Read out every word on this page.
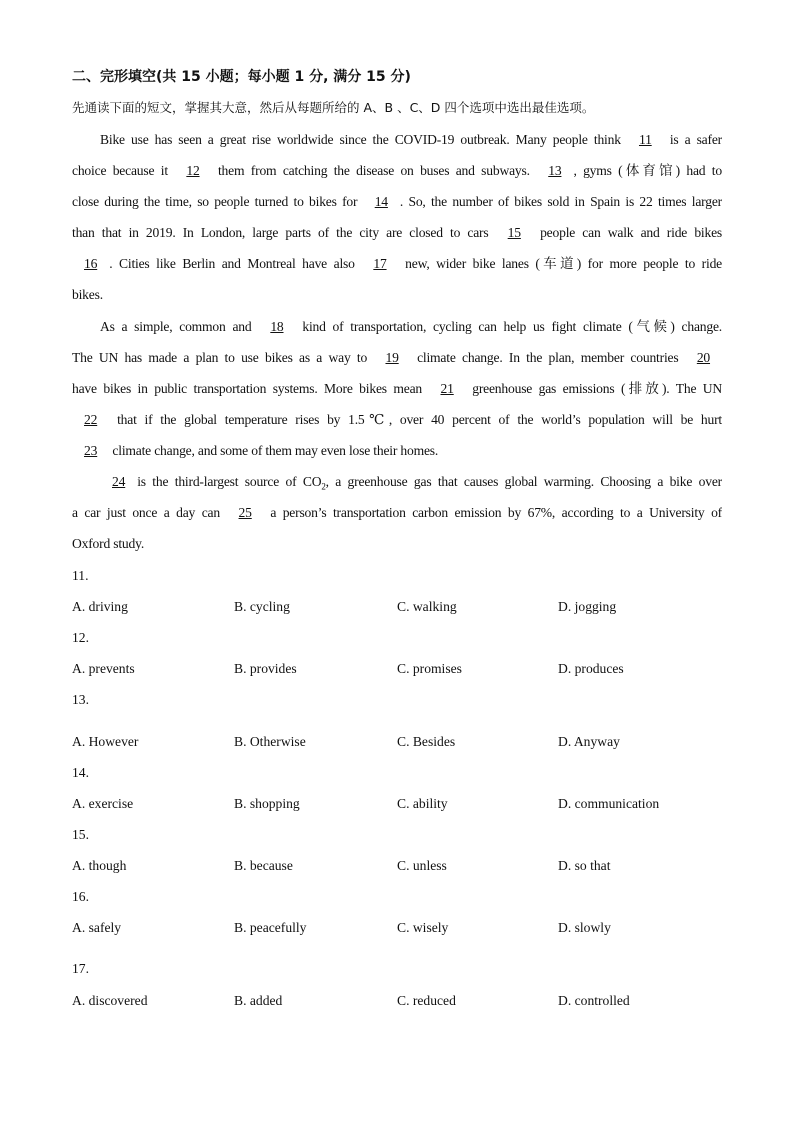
二、完形填空(共 15 小题；每小题 1 分, 满分 15 分)
先通读下面的短文，掌握其大意，然后从每题所给的 A、B 、C、D 四个选项中选出最佳选项。
Bike use has seen a great rise worldwide since the COVID-19 outbreak. Many people think 11 is a safer
choice because it 12 them from catching the disease on buses and subways. 13 , gyms (体育馆) had to
close during the time, so people turned to bikes for 14 . So, the number of bikes sold in Spain is 22 times larger
than that in 2019. In London, large parts of the city are closed to cars 15 people can walk and ride bikes
16 . Cities like Berlin and Montreal have also 17 new, wider bike lanes (车道) for more people to ride
bikes.
As a simple, common and 18 kind of transportation, cycling can help us fight climate (气候) change.
The UN has made a plan to use bikes as a way to 19 climate change. In the plan, member countries 20
have bikes in public transportation systems. More bikes mean 21 greenhouse gas emissions (排放). The UN
22 that if the global temperature rises by 1.5℃, over 40 percent of the world’s population will be hurt
23 climate change, and some of them may even lose their homes.
24 is the third-largest source of $CO_2$, a greenhouse gas that causes global warming. Choosing a bike over
a car just once a day can 25 a person’s transportation carbon emission by 67%, according to a University of
Oxford study.
11.
A. driving	B. cycling	C. walking	D. jogging
12.
A. prevents	B. provides	C. promises	D. produces
13.
A. However	B. Otherwise	C. Besides	D. Anyway
14.
A. exercise	B. shopping	C. ability	D. communication
15.
A. though	B. because	C. unless	D. so that
16.
A. safely	B. peacefully	C. wisely	D. slowly
17.
A. discovered	B. added	C. reduced	D. controlled
